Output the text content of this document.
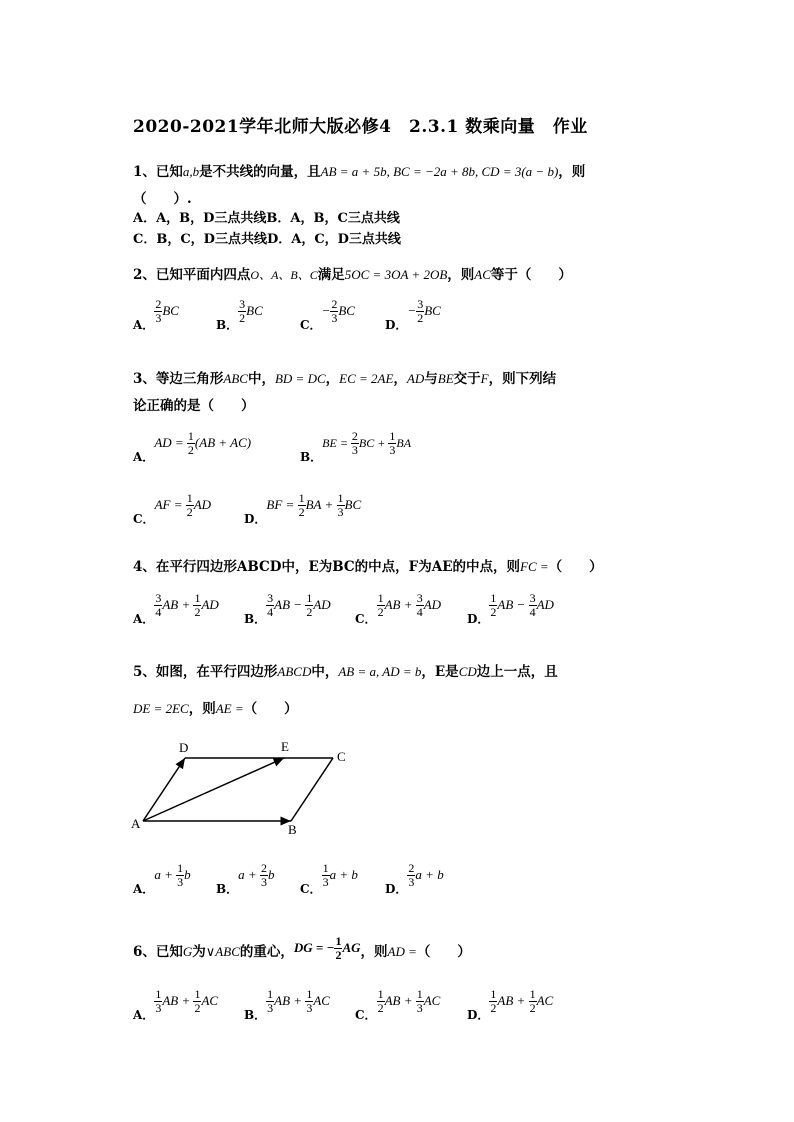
2020-2021学年北师大版必修4　2.3.1 数乘向量　作业
1、已知a,b是不共线的向量，且AB = a + 5b, BC = −2a + 8b, CD = 3(a − b)，则
（　　）.
A．A，B，D三点共线B．A，B，C三点共线
C．B，C，D三点共线D．A，C，D三点共线
2、已知平面内四点O、A、B、C满足5OC = 3OA + 2OB，则AC等于（　　）
A． $\frac{2}{3}$ BC
B． $\frac{3}{2}$ BC
C．− $\frac{2}{3}$ BC
D．− $\frac{3}{2}$ BC
3、等边三角形ABC中，BD = DC，EC = 2AE，AD与BE交于F，则下列结
论正确的是（　　）
A．AD = $\frac{1}{2} (AB + AC)$
B．BE = $\frac{2}{3}$ BC + $\frac{1}{3}$ BA
C．AF = $\frac{1}{2}$ AD
D．BF = $\frac{1}{2}$ BA + $\frac{1}{3}$ BC
4、在平行四边形ABCD中，E为BC的中点，F为AE的中点，则FC =（　　）
A． $\frac{3}{4}$ AB + $\frac{1}{2}$ AD
B． $\frac{3}{4}$ AB − $\frac{1}{2}$ AD
C． $\frac{1}{2}$ AB + $\frac{3}{4}$ AD
D． $\frac{1}{2}$ AB − $\frac{3}{4}$ AD
5、如图，在平行四边形ABCD中，AB = a, AD = b，E是CD边上一点，且
DE = 2EC，则AE =（　　）
D	E
C
A	B
A．$a + \frac{1}{3}$ b
B．$a + \frac{2}{3}$ b
C． $\frac{1}{3}$ a + b
D． $\frac{2}{3}$ a + b
6、已知G为∨ABC的重心，DG = − $\frac{1}{2}$ AG，则AD =（　　）
A． $\frac{1}{3}$ AB + $\frac{1}{2}$ AC
B． $\frac{1}{3}$ AB + $\frac{1}{3}$ AC
C． $\frac{1}{2}$ AB + $\frac{1}{3}$ AC
D． $\frac{1}{2}$ AB + $\frac{1}{2}$ AC
